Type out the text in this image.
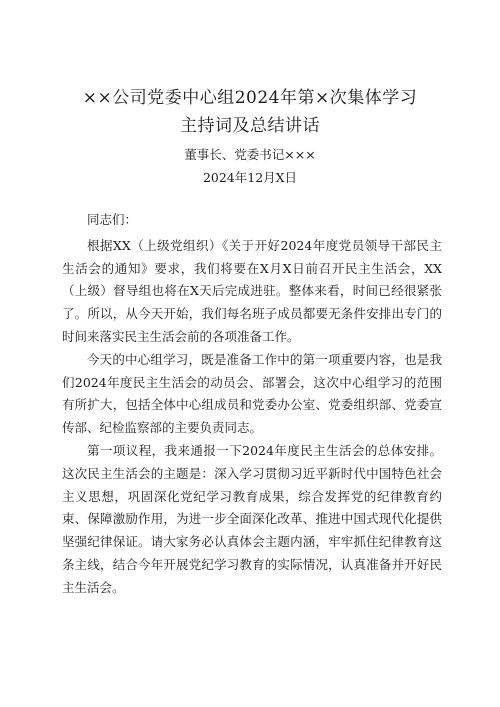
××公司党委中心组2024年第×次集体学习
主持词及总结讲话
董事长、党委书记×××
2024年12月X日

同志们：

根据XX（上级党组织）《关于开好2024年度党员领导干部民主生活会的通知》要求，我们将要在X月X日前召开民主生活会，XX（上级）督导组也将在X天后完成进驻。整体来看，时间已经很紧张了。所以，从今天开始，我们每名班子成员都要无条件安排出专门的时间来落实民主生活会前的各项准备工作。

今天的中心组学习，既是准备工作中的第一项重要内容，也是我们2024年度民主生活会的动员会、部署会，这次中心组学习的范围有所扩大，包括全体中心组成员和党委办公室、党委组织部、党委宣传部、纪检监察部的主要负责同志。

第一项议程，我来通报一下2024年度民主生活会的总体安排。这次民主生活会的主题是：深入学习贯彻习近平新时代中国特色社会主义思想，巩固深化党纪学习教育成果，综合发挥党的纪律教育约束、保障激励作用，为进一步全面深化改革、推进中国式现代化提供坚强纪律保证。请大家务必认真体会主题内涵，牢牢抓住纪律教育这条主线，结合今年开展党纪学习教育的实际情况，认真准备并开好民主生活会。
